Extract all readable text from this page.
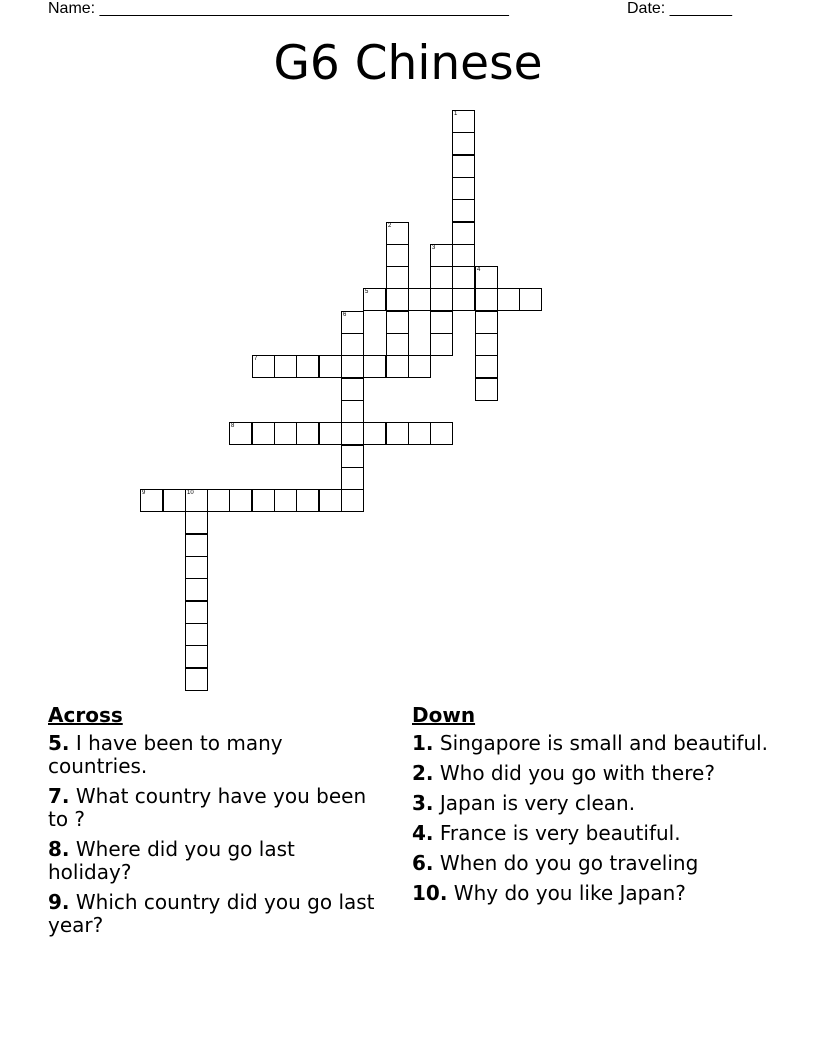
Name: ______________________________________________	Date: _______
G6 Chinese
1
2
3
4
5
6
7
8
9	10
Across
5. I have been to many countries.
7. What country have you been to ?
8. Where did you go last holiday?
9. Which country did you go last year?
Down
1. Singapore is small and beautiful.
2. Who did you go with there?
3. Japan is very clean.
4. France is very beautiful.
6. When do you go traveling
10. Why do you like Japan?
